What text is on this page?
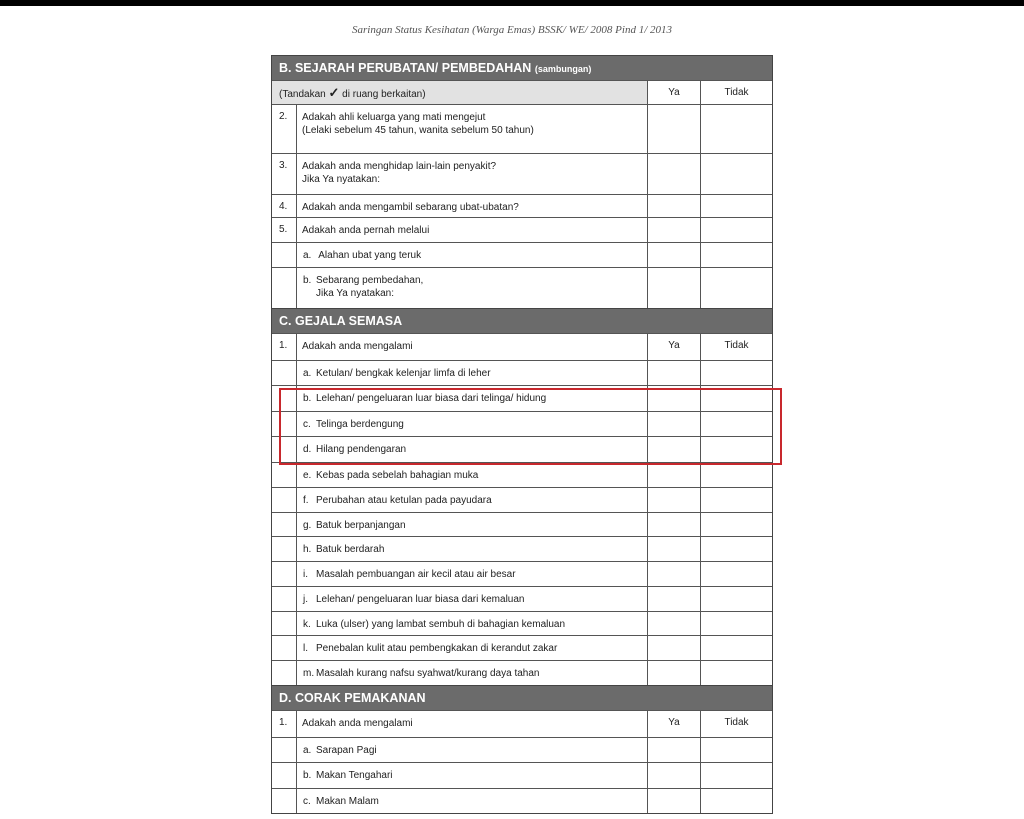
Saringan Status Kesihatan (Warga Emas) BSSK/ WE/ 2008 Pind 1/ 2013
B. SEJARAH PERUBATAN/ PEMBEDAHAN (sambungan)
(Tandakan ✓ di ruang berkaitan)	Ya	Tidak
2.	Adakah ahli keluarga yang mati mengejut
(Lelaki sebelum 45 tahun, wanita sebelum 50 tahun)
3.	Adakah anda menghidap lain-lain penyakit?
Jika Ya nyatakan:
4.	Adakah anda mengambil sebarang ubat-ubatan?
5.	Adakah anda pernah melalui
a. Alahan ubat yang teruk
b. Sebarang pembedahan,
Jika Ya nyatakan:
C. GEJALA SEMASA
1.	Adakah anda mengalami	Ya	Tidak
a. Ketulan/ bengkak kelenjar limfa di leher
b. Lelehan/ pengeluaran luar biasa dari telinga/ hidung
c. Telinga berdengung
d. Hilang pendengaran
e. Kebas pada sebelah bahagian muka
f. Perubahan atau ketulan pada payudara
g. Batuk berpanjangan
h. Batuk berdarah
i. Masalah pembuangan air kecil atau air besar
j. Lelehan/ pengeluaran luar biasa dari kemaluan
k. Luka (ulser) yang lambat sembuh di bahagian kemaluan
l. Penebalan kulit atau pembengkakan di kerandut zakar
m. Masalah kurang nafsu syahwat/kurang daya tahan
D. CORAK PEMAKANAN
1.	Adakah anda mengalami	Ya	Tidak
a. Sarapan Pagi
b. Makan Tengahari
c. Makan Malam
